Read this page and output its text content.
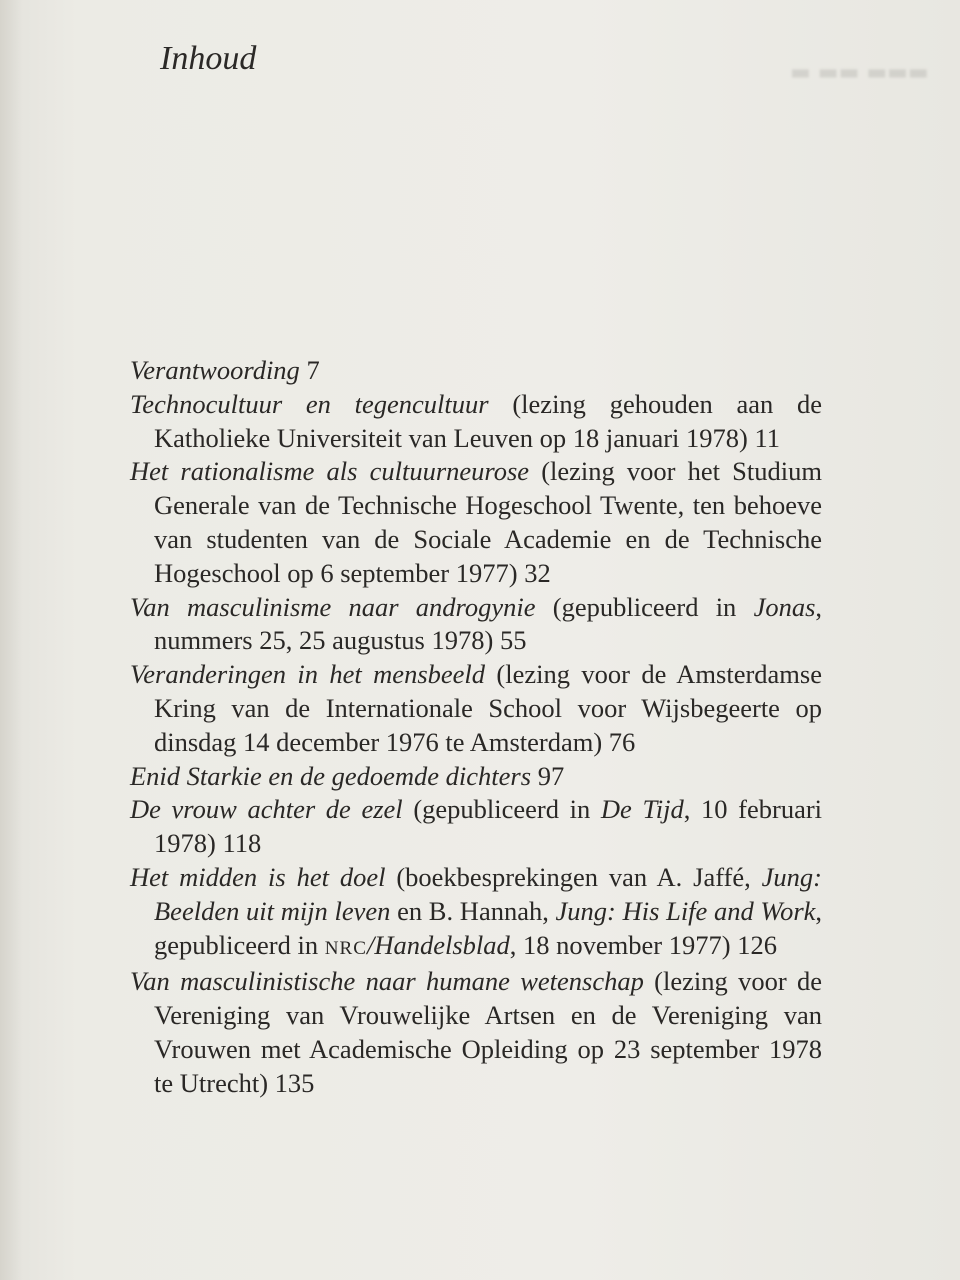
▬ ▬▬ ▬▬▬
Inhoud
Verantwoording 7
Technocultuur en tegencultuur (lezing gehouden aan de Katholieke Universiteit van Leuven op 18 januari 1978) 11
Het rationalisme als cultuurneurose (lezing voor het Studium Generale van de Technische Hogeschool Twente, ten behoeve van studenten van de Sociale Academie en de Technische Hogeschool op 6 september 1977) 32
Van masculinisme naar androgynie (gepubliceerd in Jonas, nummers 25, 25 augustus 1978) 55
Veranderingen in het mensbeeld (lezing voor de Amsterdamse Kring van de Internationale School voor Wijsbegeerte op dinsdag 14 december 1976 te Amsterdam) 76
Enid Starkie en de gedoemde dichters 97
De vrouw achter de ezel (gepubliceerd in De Tijd, 10 februari 1978) 118
Het midden is het doel (boekbesprekingen van A. Jaffé, Jung: Beelden uit mijn leven en B. Hannah, Jung: His Life and Work, gepubliceerd in NRC/Handelsblad, 18 november 1977) 126
Van masculinistische naar humane wetenschap (lezing voor de Vereniging van Vrouwelijke Artsen en de Vereniging van Vrouwen met Academische Opleiding op 23 september 1978 te Utrecht) 135
